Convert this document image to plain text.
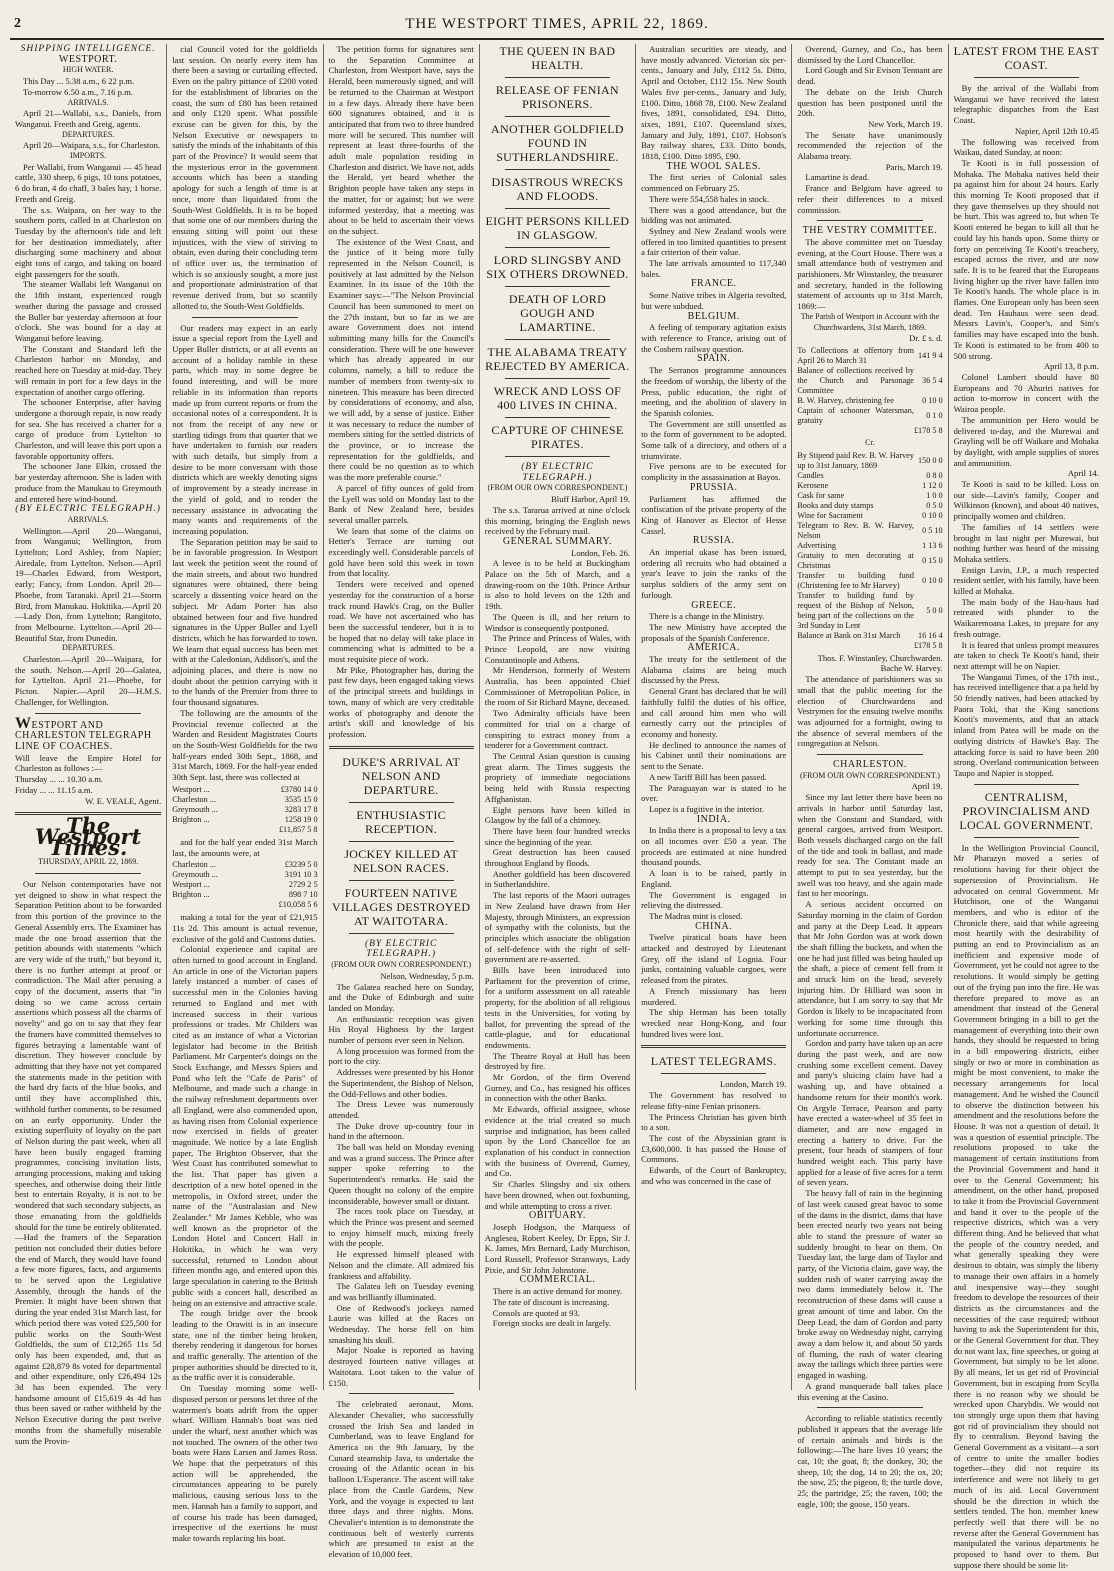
2	THE WESTPORT TIMES, APRIL 22, 1869.

SHIPPING INTELLIGENCE.

WESTPORT.

HIGH WATER.

This Day ... 5.38 a.m., 6 22 p.m.

To-morrow 6.50 a.m., 7.16 p.m.

ARRIVALS.

April 21—Wallabi, s.s., Daniels, from Wanganui. Freeth and Greig, agents.

DEPARTURES.

April 20—Waipara, s.s., for Charleston.

IMPORTS.

Per Wallabi, from Wanganui — 45 head cattle, 330 sheep, 6 pigs, 10 tons potatoes, 6 do bran, 4 do chaff, 3 bales hay, 1 horse. Freeth and Greig.

The s.s. Waipara, on her way to the southern ports, called in at Charleston on Tuesday by the afternoon's tide and left for her destination immediately, after discharging some machinery and about eight tons of cargo, and taking on board eight passengers for the south.

The steamer Wallabi left Wanganui on the 18th instant, experienced rough weather during the passage and crossed the Buller bar yesterday afternoon at four o'clock. She was bound for a day at Wanganui before leaving.

The Constant and Standard left the Charleston harbor on Monday, and reached here on Tuesday at mid-day. They will remain in port for a few days in the expectation of another cargo offering.

The schooner Enterprise, after having undergone a thorough repair, is now ready for sea. She has received a charter for a cargo of produce from Lyttelton to Charleston, and will leave this port upon a favorable opportunity offers.

The schooner Jane Elkin, crossed the bar yesterday afternoon. She is laden with produce from the Manukau to Greymouth and entered here wind-bound.

(BY ELECTRIC TELEGRAPH.)

ARRIVALS.

Wellington.—April 20—Wanganui, from Wanganui; Wellington, from Lyttelton; Lord Ashley, from Napier; Airedale, from Lyttelton. Nelson.—April 19—Charles Edward, from Westport, early; Fancy, from London. April 20—Phoebe, from Taranaki. April 21—Storm Bird, from Manukau. Hokitika.—April 20—Lady Don, from Lyttelton; Rangitoto, from Melbourne. Lyttelton.—April 20—Beautiful Star, from Dunedin.

DEPARTURES.

Charleston.—April 20—Waipara, for the south. Nelson.—April 20—Galatea, for Lyttelton. April 21—Phoebe, for Picton. Napier.—April 20—H.M.S. Challenger, for Wellington.

WESTPORT AND CHARLESTON TELEGRAPH LINE OF COACHES.

Will leave the Empire Hotel for Charleston as follows :—

Thursday ... ... 10.30 a.m.

Friday ... ... 11.15 a.m.

W. E. VEALE, Agent.

The Westport Times.

THURSDAY, APRIL 22, 1869.

Our Nelson contemporaries have not yet deigned to show in what respect the Separation Petition about to be forwarded from this portion of the province to the General Assembly errs. The Examiner has made the one broad assertion that the petition abounds with statements "which are very wide of the truth," but beyond it, there is no further attempt at proof or contradiction. The Mail after perusing a copy of the document, asserts that "in doing so we came across certain assertions which possess all the charms of novelty" and go on to say that they fear the framers have committed themselves to figures betraying a lamentable want of discretion. They however conclude by admitting that they have not yet compared the statements made in the petition with the hard dry facts of the blue books, and until they have accomplished this, withhold further comments, to be resumed on an early opportunity. Under the existing superfluity of loyalty on the part of Nelson during the past week, when all have been busily engaged framing programmes, concising invitation lists, arranging processions, making and taking speeches, and otherwise doing their little best to entertain Royalty, it is not to be wondered that such secondary subjects, as those emanating from the goldfields should for the time be entirely obliterated.—Had the framers of the Separation petition not concluded their duties before the end of March, they would have found a few more figures, facts, and arguments to be served upon the Legislative Assembly, through the hands of the Premier. It might have been shown that during the year ended 31st March last, for which period there was voted £25,500 for public works on the South-West Goldfields, the sum of £12,265 11s 5d only has been expended, and, that as against £28,879 8s voted for departmental and other expenditure, only £26,494 12s 3d has been expended. The very handsome amount of £15,619 4s 4d has thus been saved or rather withheld by the Nelson Executive during the past twelve months from the shamefully miserable sum the Provin-

cial Council voted for the goldfields last session. On nearly every item has there been a saving or curtailing effected. Even on the paltry pittance of £200 voted for the establishment of libraries on the coast, the sum of £80 has been retained and only £120 spent. What possible excuse can be given for this, by the Nelson Executive or newspapers to satisfy the minds of the inhabitants of this part of the Province? It would seem that the mysterious error in the government accounts which has been a standing apology for such a length of time is at once, more than liquidated from the South-West Goldfields. It is to be hoped that some one of our members during the ensuing sitting will point out these injustices, with the view of striving to obtain, even during their concluding term of office over us, the termination of which is so anxiously sought, a more just and proportionate administration of that revenue derived from, but so scantily allotted to, the South-West Goldfields.

Our readers may expect in an early issue a special report from the Lyell and Upper Buller districts, or at all events an account of a holiday ramble in these parts, which may in some degree be found interesting, and will be more reliable in its information than reports made up from current reports or from the occasional notes of a correspondent. It is not from the receipt of any new or startling tidings from that quarter that we have undertaken to furnish our readers with such details, but simply from a desire to be more conversant with those districts which are weekly denoting signs of improvement by a steady increase in the yield of gold, and to render the necessary assistance in advocating the many wants and requirements of the increasing population.

The Separation petition may be said to be in favorable progression. In Westport last week the petition went the round of the main streets, and about two hundred signatures were obtained, there being scarcely a dissenting voice heard on the subject. Mr Adam Porter has also obtained between four and five hundred signatures in the Upper Buller and Lyell districts, which he has forwarded to town. We learn that equal success has been met with at the Caledonian, Addison's, and the adjoining places, and there is now no doubt about the petition carrying with it to the hands of the Premier from three to four thousand signatures.

The following are the amounts of the Provincial revenue collected at the Warden and Resident Magistrates Courts on the South-West Goldfields for the two half-years ended 30th Sept., 1868, and 31st March, 1869. For the half-year ended 30th Sept. last, there was collected at

Westport ...	£3780 14 0
Charleston ...	3535 15 0
Greymouth ...	3283 17 8
Brighton ...	1258 19 0
	£11,857 5 8

and for the half year ended 31st March last, the amounts were, at

Charleston ...	£3239 5 0
Greymouth ...	3191 10 3
Westport ...	2729 2 5
Brighton ...	898 7 10
	£10,058 5 6

making a total for the year of £21,915 11s 2d. This amount is actual revenue, exclusive of the gold and Customs duties.

Colonial experience and capital are often turned to good account in England. An article in one of the Victorian papers lately instanced a number of cases of successful men in the Colonies having returned to England and met with increased success in their various professions or trades. Mr Childers was cited as an instance of what a Victorian legislator had become in the British Parliament. Mr Carpenter's doings on the Stock Exchange, and Messrs Spiers and Pond who left the "Cafe de Paris" of Melbourne, and made such a change in the railway refreshment departments over all England, were also commended upon, as having risen from Colonial experience now exercised in fields of greater magnitude. We notice by a late English paper, The Brighton Observer, that the West Coast has contributed somewhat to the list. That paper has given a description of a new hotel opened in the metropolis, in Oxford street, under the name of the "Australasian and New Zealander." Mr James Kebble, who was well known as the proprietor of the London Hotel and Concert Hall in Hokitika, in which he was very successful, returned to London about fifteen months ago, and entered upon this large speculation in catering to the British public with a concert hall, described as being on an extensive and attractive scale.

The rough bridge over the brook leading to the Orawiti is in an insecure state, one of the timber being broken, thereby rendering it dangerous for horses and traffic generally. The attention of the proper authorities should be directed to it, as the traffic over it is considerable.

On Tuesday morning some well-disposed person or persons let three of the watermen's boats adrift from the upper wharf. William Hannah's boat was tied under the wharf, next another which was not touched. The owners of the other two boats were Hans Larsen and James Ross. We hope that the perpetrators of this action will be apprehended, the circumstances appearing to be purely malicious, causing serious loss to the men. Hannah has a family to support, and of course his trade has been damaged, irrespective of the exertions he must make towards replacing his boat.

The petition forms for signatures sent to the Separation Committee at Charleston, from Westport have, says the Herald, been numerously signed, and will be returned to the Chairman at Westport in a few days. Already there have been 600 signatures obtained, and it is anticipated that from two to three hundred more will be secured. This number will represent at least three-fourths of the adult male population residing in Charleston and district. We have not, adds the Herald, yet heard whether the Brighton people have taken any steps in the matter, for or against; but we were informed yesterday, that a meeting was about to be held to ascertain their views on the subject.

The existence of the West Coast, and the justice of it being more fully represented in the Nelson Council, is positively at last admitted by the Nelson Examiner. In its issue of the 10th the Examiner says:—"The Nelson Provincial Council has been summoned to meet on the 27th instant, but so far as we are aware Government does not intend submitting many bills for the Council's consideration. There will be one however which has already appeared in our columns, namely, a bill to reduce the number of members from twenty-six to nineteen. This measure has been directed by considerations of economy, and also, we will add, by a sense of justice. Either it was necessary to reduce the number of members sitting for the settled districts of the province, or to increase the representation for the goldfields, and there could be no question as to which was the more preferable course."

A parcel of fifty ounces of gold from the Lyell was sold on Monday last to the Bank of New Zealand here, besides several smaller parcels.

We learn that some of the claims on Hetter's Terrace are turning out exceedingly well. Considerable parcels of gold have been sold this week in town from that locality.

Tenders were received and opened yesterday for the construction of a horse track round Hawk's Crag, on the Buller road. We have not ascertained who has been the successful tenderer, but it is to be hoped that no delay will take place in commencing what is admitted to be a most requisite piece of work.

Mr Pike, Photographer has, during the past few days, been engaged taking views of the principal streets and buildings in town, many of which are very creditable works of photography and denote the artist's skill and knowledge of his profession.

DUKE'S ARRIVAL AT NELSON AND DEPARTURE.

ENTHUSIASTIC RECEPTION.

JOCKEY KILLED AT NELSON RACES.

FOURTEEN NATIVE VILLAGES DESTROYED AT WAITOTARA.

(BY ELECTRIC TELEGRAPH.)

(FROM OUR OWN CORRESPONDENT.)

Nelson, Wednesday, 5 p.m.

The Galatea reached here on Sunday, and the Duke of Edinburgh and suite landed on Monday.

An enthusiastic reception was given His Royal Highness by the largest number of persons ever seen in Nelson.

A long procession was formed from the port to the city.

Addresses were presented by his Honor the Superintendent, the Bishop of Nelson, the Odd-Fellows and other bodies.

The Dress Levee was numerously attended.

The Duke drove up-country four in hand in the afternoon.

The ball was held on Monday evening and was a grand success. The Prince after supper spoke referring to the Superintendent's remarks. He said the Queen thought no colony of the empire inconsiderable, however small or distant.

The races took place on Tuesday, at which the Prince was present and seemed to enjoy himself much, mixing freely with the people.

He expressed himself pleased with Nelson and the climate. All admired his frankness and affability.

The Galatea left on Tuesday evening and was brilliantly illuminated.

One of Redwood's jockeys named Laurie was killed at the Races on Wednesday. The horse fell on him smashing his skull.

Major Noake is reported as having destroyed fourteen native villages at Waitotara. Loot taken to the value of £150.

The celebrated aeronaut, Mons. Alexander Chevalier, who successfully crossed the Irish Sea and landed in Cumberland, was to leave England for America on the 9th January, by the Cunard steamship Java, to undertake the crossing of the Atlantic ocean in his balloon L'Esperance. The ascent will take place from the Castle Gardens, New York, and the voyage is expected to last three days and three nights. Mons. Chevalier's intention is to demonstrate the continuous belt of westerly currents which are presumed to exist at the elevation of 10,000 feet.

THE QUEEN IN BAD HEALTH.

RELEASE OF FENIAN PRISONERS.

ANOTHER GOLDFIELD FOUND IN SUTHERLANDSHIRE.

DISASTROUS WRECKS AND FLOODS.

EIGHT PERSONS KILLED IN GLASGOW.

LORD SLINGSBY AND SIX OTHERS DROWNED.

DEATH OF LORD GOUGH AND LAMARTINE.

THE ALABAMA TREATY REJECTED BY AMERICA.

WRECK AND LOSS OF 400 LIVES IN CHINA.

CAPTURE OF CHINESE PIRATES.

(BY ELECTRIC TELEGRAPH.)

(FROM OUR OWN CORRESPONDENT.)

Bluff Harbor, April 19.

The s.s. Tararua arrived at nine o'clock this morning, bringing the English news received by the February mail.

GENERAL SUMMARY.

London, Feb. 26.

A levee is to be held at Buckingham Palace on the 5th of March, and a drawing-room on the 10th. Prince Arthur is also to hold levees on the 12th and 19th.

The Queen is ill, and her return to Windsor is consequently postponed.

The Prince and Princess of Wales, with Prince Leopold, are now visiting Constantinople and Athens.

Mr Henderson, formerly of Western Australia, has been appointed Chief Commissioner of Metropolitan Police, in the room of Sir Richard Mayne, deceased.

Two Admiralty officials have been committed for trial on a charge of conspiring to extract money from a tenderer for a Government contract.

The Central Asian question is causing great alarm. The Times suggests the propriety of immediate negociations being held with Russia respecting Affghanistan.

Eight persons have been killed in Glasgow by the fall of a chimney.

There have been four hundred wrecks since the beginning of the year.

Great destruction has been caused throughout England by floods.

Another goldfield has been discovered in Sutherlandshire.

The last reports of the Maori outrages in New Zealand have drawn from Her Majesty, through Ministers, an expression of sympathy with the colonists, but the principles which associate the obligation of self-defence with the right of self-government are re-asserted.

Bills have been introduced into Parliament for the prevention of crime, for a uniform assessment on all rateable property, for the abolition of all religious tests in the Universities, for voting by ballot, for preventing the spread of the cattle-plague, and for educational endowments.

The Theatre Royal at Hull has been destroyed by fire.

Mr Gordon, of the firm Overend Gurney, and Co., has resigned his offices in connection with the other Banks.

Mr Edwards, official assignee, whose evidence at the trial created so much surprise and indignation, has been called upon by the Lord Chancellor for an explanation of his conduct in connection with the business of Overend, Gurney, and Co.

Sir Charles Slingsby and six others have been drowned, when out foxhunting, and while attempting to cross a river.

OBITUARY.

Joseph Hodgson, the Marquess of Anglesea, Robert Keeley, Dr Epps, Sir J. K. James, Mrs Bernard, Lady Murchison, Lord Russell, Professor Stranways, Lady Pixie, and Sir John Johnstone.

COMMERCIAL.

There is an active demand for money.

The rate of discount is increasing.

Consols are quoted at 93.

Foreign stocks are dealt in largely.

Australian securities are steady, and have mostly advanced. Victorian six per-cents., January and July, £112 5s. Ditto, April and October, £112 15s. New South Wales five per-cents., January and July, £100. Ditto, 1868 78, £100. New Zealand fives, 1891, consolidated, £94. Ditto, sixes, 1891, £107. Queensland sixes, January and July, 1891, £107. Hobson's Bay railway shares, £33. Ditto bonds, 1818, £100. Ditto 1895, £90.

THE WOOL SALES.

The first series of Colonial sales commenced on February 25.

There were 554,558 bales in stock.

There was a good attendance, but the bidding was not animated.

Sydney and New Zealand wools were offered in too limited quantities to present a fair criterion of their value.

The late arrivals amounted to 117,340 bales.

FRANCE.

Some Native tribes in Algeria revolted, but were subdued.

BELGIUM.

A feeling of temporary agitation exists with reference to France, arising out of the Cosbern railway question.

SPAIN.

The Serranos programme announces the freedom of worship, the liberty of the Press, public education, the right of meeting, and the abolition of slavery in the Spanish colonies.

The Government are still unsettled as to the form of government to be adopted. Some talk of a directory, and others of a triumvirate.

Five persons are to be executed for complicity in the assassination at Bayos.

PRUSSIA.

Parliament has affirmed the confiscation of the private property of the King of Hanover as Elector of Hesse Cassel.

RUSSIA.

An imperial ukase has been issued, ordering all recruits who had obtained a year's leave to join the ranks of the surplus soldiers of the army sent on furlough.

GREECE.

There is a change in the Ministry.

The new Ministry have accepted the proposals of the Spanish Conference.

AMERICA.

The treaty for the settlement of the Alabama claims are being much discussed by the Press.

General Grant has declared that he will faithfully fulfil the duties of his office, and call around him men who will earnestly carry out the principles of economy and honesty.

He declined to announce the names of his Cabinet until their nominations are sent to the Senate.

A new Tariff Bill has been passed.

The Paraguayan war is stated to be over.

Lopez is a fugitive in the interior.

INDIA.

In India there is a proposal to levy a tax on all incomes over £50 a year. The proceeds are estimated at nine hundred thousand pounds.

A loan is to be raised, partly in England.

The Government is engaged in relieving the distressed.

The Madras mint is closed.

CHINA.

Twelve piratical boats have been attacked and destroyed by Lieutenant Grey, off the island of Lognia. Four junks, containing valuable cargoes, were released from the pirates.

A French missionary has been murdered.

The ship Herman has been totally wrecked near Hong-Kong, and four hundred lives were lost.

LATEST TELEGRAMS.

London, March 19.

The Government has resolved to release fifty-nine Fenian prisoners.

The Princess Christian has given birth to a son.

The cost of the Abyssinian grant is £3,600,000. It has passed the House of Commons.

Edwards, of the Court of Bankruptcy, and who was concerned in the case of

Overend, Gurney, and Co., has been dismissed by the Lord Chancellor.

Lord Gough and Sir Evison Tennant are dead.

The debate on the Irish Church question has been postponed until the 20th.

New York, March 19.

The Senate have unanimously recommended the rejection of the Alabama treaty.

Paris, March 19.

Lamartine is dead.

France and Belgium have agreed to refer their differences to a mixed commission.

THE VESTRY COMMITTEE.

The above committee met on Tuesday evening, at the Court House. There was a small attendance both of vestrymen and parishioners. Mr Winstanley, the treasurer and secretary, handed in the following statement of accounts up to 31st March, 1869:—

The Parish of Westport in Account with the Churchwardens, 31st March, 1869.

Dr. £ s. d.

To Collections at offertory from April 26 to March 31	141 9 4
Balance of collections received by the Church and Parsonage Committee	36 5 4
B. W. Harvey, christening fee	0 10 0
Captain of schooner Watersman, gratuity	0 1 0
	£178 5 8

Cr.

By Stipend paid Rev. B. W. Harvey up to 31st January, 1869	150 0 0
Candles	0 8 0
Kerosene	1 12 0
Cask for same	1 0 0
Books and duty stamps	0 5 0
Wine for Sacrament	0 10 0
Telegram to Rev. B. W. Harvey, Nelson	0 5 10
Advertising	1 13 6
Gratuity to men decorating at Christmas	0 15 0
Transfer to building fund (Christening fee to Mr Harvey)	0 10 0
Transfer to building fund by request of the Bishop of Nelson, being part of the collections on the 3rd Sunday in Lent	5 0 0
Balance at Bank on 31st March	16 16 4
	£178 5 8

Thos. F. Winstanley, Churchwarden. Bache W. Harvey.

The attendance of parishioners was so small that the public meeting for the election of Churchwardens and Vestrymen for the ensuing twelve months was adjourned for a fortnight, owing to the absence of several members of the congregation at Nelson.

CHARLESTON.

(FROM OUR OWN CORRESPONDENT.)

April 19.

Since my last letter there have been no arrivals in harbor until Saturday last, when the Constant and Standard, with general cargoes, arrived from Westport. Both vessels discharged cargo on the fall of the tide and took in ballast, and made ready for sea. The Constant made an attempt to put to sea yesterday, but the swell was too heavy, and she again made fast to her moorings.

A serious accident occurred on Saturday morning in the claim of Gordon and party at the Deep Lead. It appears that Mr John Gordon was at work down the shaft filling the buckets, and when the one he had just filled was being hauled up the shaft, a piece of cement fell from it and struck him on the head, severely injuring him. Dr Hilliard was soon in attendance, but I am sorry to say that Mr Gordon is likely to be incapacitated from working for some time through this unfortunate occurrence.

Gordon and party have taken up an acre during the past week, and are now crushing some excellent cement. Davey and party's sluicing claim have had a washing up, and have obtained a handsome return for their month's work. On Argyle Terrace, Pearson and party have erected a water-wheel of 35 feet in diameter, and are now engaged in erecting a battery to drive. For the present, four heads of stampers of four hundred weight each. This party have applied for a lease of five acres for a term of seven years.

The heavy fall of rain in the beginning of last week caused great havoc to some of the dams in the district, dams that have been erected nearly two years not being able to stand the pressure of water so suddenly brought to bear on them. On Tuesday last, the large dam of Taylor and party, of the Victoria claim, gave way, the sudden rush of water carrying away the two dams immediately below it. The reconstruction of these dams will cause a great amount of time and labor. On the Deep Lead, the dam of Gordon and party broke away on Wednesday night, carrying away a dam below it, and about 50 yards of fluming, the rush of water clearing away the tailings which three parties were engaged in washing.

A grand masquerade ball takes place this evening at the Casino.

According to reliable statistics recently published it appears that the average life of certain animals and birds is the following:—The hare lives 10 years; the cat, 10; the goat, 8; the donkey, 30; the sheep, 10; the dog, 14 to 20; the ox, 20; the sow, 25; the pigeon, 8; the turtle dove, 25; the partridge, 25; the raven, 100; the eagle, 100; the goose, 150 years.

LATEST FROM THE EAST COAST.

By the arrival of the Wallabi from Wanganui we have received the latest telegraphic dispatches from the East Coast.

Napier, April 12th 10.45

The following was received from Waikau, dated Sunday, at noon:

Te Kooti is in full possession of Mohaka. The Mohaka natives held their pa against him for about 24 hours. Early this morning Te Kooti proposed that if they gave themselves up they should not be hurt. This was agreed to, but when Te Kooti entered he began to kill all that he could lay his hands upon. Some thirty or forty on perceiving Te Kooti's treachery, escaped across the river, and are now safe. It is to be feared that the Europeans living higher up the river have fallen into Te Kooti's hands. The whole place is in flames. One European only has been seen dead. Ten Hauhaus were seen dead. Messrs Lavin's, Cooper's, and Sim's families may have escaped into the bush. Te Kooti is estimated to be from 400 to 500 strong.

April 13, 8 p.m.

Colonel Lambert should have 80 Europeans and 70 Ahuriri natives for action to-morrow in concert with the Wairoa people.

The ammunition per Hero would be delivered to-day, and the Murewai and Grayling will be off Waikare and Mohaka by daylight, with ample supplies of stores and ammunition.

April 14.

Te Kooti is said to be killed. Loss on our side—Lavin's family, Cooper and Wilkinson (known), and about 40 natives, principally women and children.

The families of 14 settlers were brought in last night per Murewai, but nothing further was heard of the missing Mohaka settlers.

Ensign Lavin, J.P., a much respected resident settler, with his family, have been killed at Mohaka.

The main body of the Hau-haus had retreated with plunder to the Waikaremoana Lakes, to prepare for any fresh outrage.

It is feared that unless prompt measures are taken to check Te Kooti's hand, their next attempt will be on Napier.

The Wanganui Times, of the 17th inst., has received intelligence that a pa held by 50 friendly natives, had been attacked by Paora Toki, that the King sanctions Kooti's movements, and that an attack inland from Patea will be made on the outlying districts of Hawke's Bay. The attacking force is said to have been 200 strong. Overland communication between Taupo and Napier is stopped.

CENTRALISM, PROVINCIALISM AND LOCAL GOVERNMENT.

In the Wellington Provincial Council, Mr Pharazyn moved a series of resolutions having for their object the supersession of Provincialism. He advocated on central Government. Mr Hutchison, one of the Wanganui members, and who is editor of the Chronicle there, said that while agreeing most heartily with the desirability of putting an end to Provincialism as an inefficient and expensive mode of Government, yet he could not agree to the resolutions. It would simply be getting out of the frying pan into the fire. He was therefore prepared to move as an amendment that instead of the General Government bringing in a bill to get the management of everything into their own hands, they should be requested to bring in a bill empowering districts, either singly or two or more in combination as might be most convenient, to make the necessary arrangements for local management. And he wished the Council to observe the distinction between his amendment and the resolutions before the House. It was not a question of detail. It was a question of essential principle. The resolutions proposed to take the management of certain institutions from the Provincial Government and hand it over to the General Government; his amendment, on the other hand, proposed to take it from the Provincial Government and hand it over to the people of the respective districts, which was a very different thing. And he believed that what the people of the country needed, and what generally speaking they were desirous to obtain, was simply the liberty to manage their own affairs in a homely and inexpensive way—they sought freedom to develope the resources of their districts as the circumstances and the necessities of the case required; without having to ask the Superintendent for this, or the General Government for that. They do not want lax, fine speeches, or going at Government, but simply to be let alone. By all means, let us get rid of Provincial Government, but in escaping from Scylla there is no reason why we should be wrecked upon Charybdis. We would not too strongly urge upon them that having got rid of provincialism they should not fly to centralism. Beyond having the General Government as a visitant—a sort of centre to unite the smaller bodies together—they did not require its interference and were not likely to get much of its aid. Local Government should be the direction in which the settlers tended. The hon. member knew perfectly well that there will be no reverse after the General Government has manipulated the various departments he proposed to hand over to them. But suppose there should be some lit-
